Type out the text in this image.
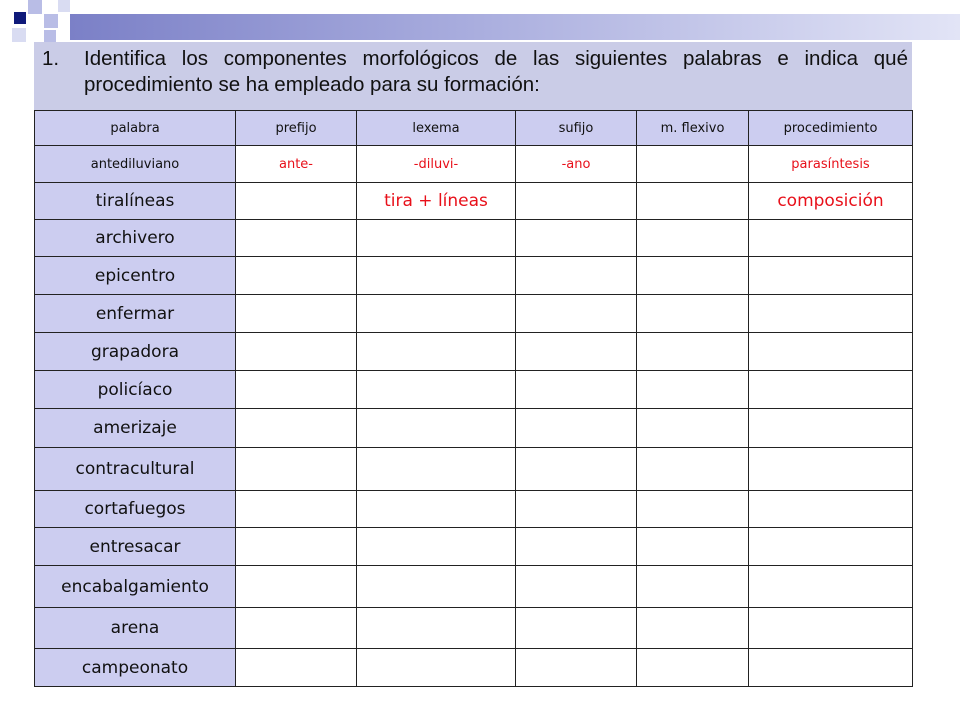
1.	Identifica los componentes morfológicos de las siguientes palabras e indica qué procedimiento se ha empleado para su formación:
palabra	prefijo	lexema	sufijo	m. flexivo	procedimiento
antediluviano	ante-	-diluvi-	-ano		parasíntesis
tiralíneas		tira + líneas			composición
archivero					
epicentro					
enfermar					
grapadora					
policíaco					
amerizaje					
contracultural					
cortafuegos					
entresacar					
encabalgamiento					
arena					
campeonato					
